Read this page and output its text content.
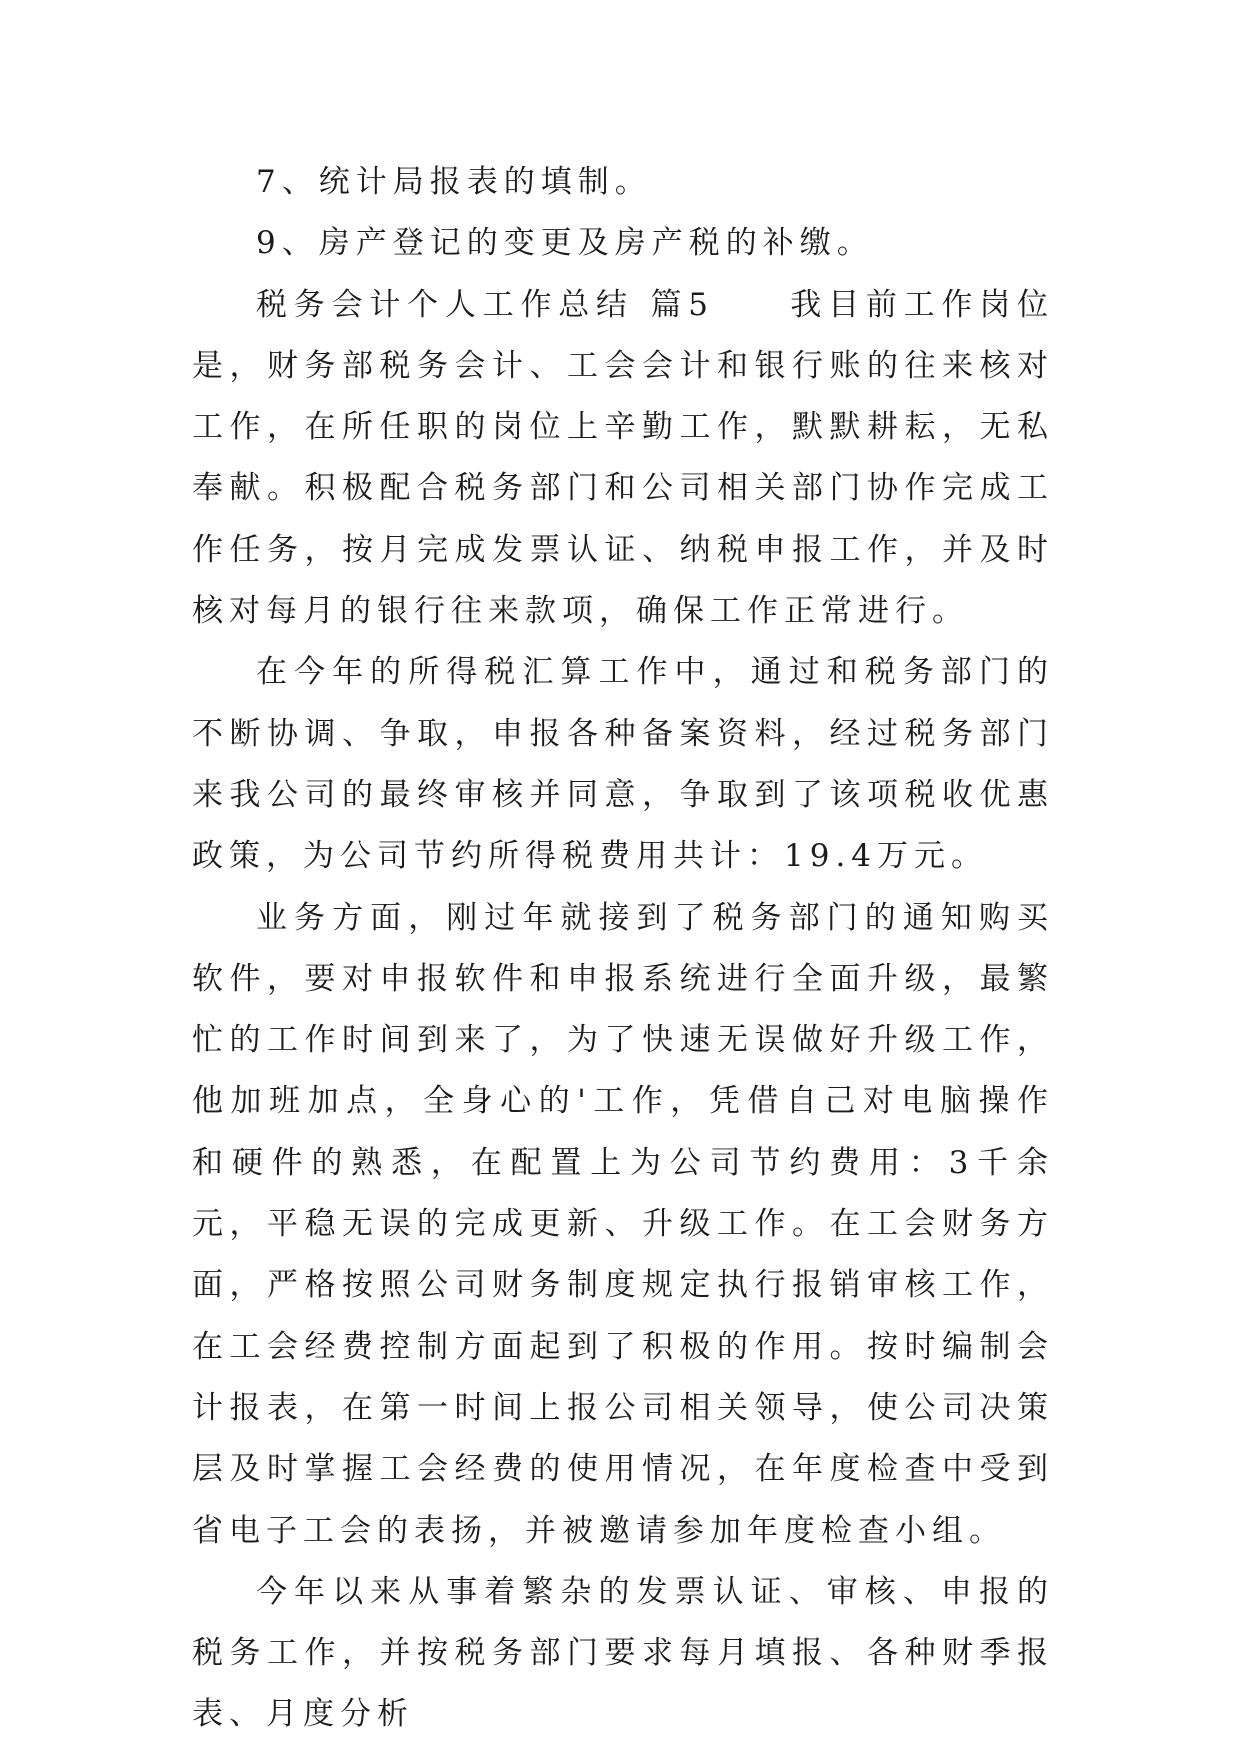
7、统计局报表的填制。

9、房产登记的变更及房产税的补缴。

税务会计个人工作总结 篇5　　我目前工作岗位是，财务部税务会计、工会会计和银行账的往来核对工作，在所任职的岗位上辛勤工作，默默耕耘，无私奉献。积极配合税务部门和公司相关部门协作完成工作任务，按月完成发票认证、纳税申报工作，并及时核对每月的银行往来款项，确保工作正常进行。

在今年的所得税汇算工作中，通过和税务部门的不断协调、争取，申报各种备案资料，经过税务部门来我公司的最终审核并同意，争取到了该项税收优惠政策，为公司节约所得税费用共计：19.4万元。

业务方面，刚过年就接到了税务部门的通知购买软件，要对申报软件和申报系统进行全面升级，最繁忙的工作时间到来了，为了快速无误做好升级工作，他加班加点，全身心的'工作，凭借自己对电脑操作和硬件的熟悉，在配置上为公司节约费用：3千余元，平稳无误的完成更新、升级工作。在工会财务方面，严格按照公司财务制度规定执行报销审核工作，在工会经费控制方面起到了积极的作用。按时编制会计报表，在第一时间上报公司相关领导，使公司决策层及时掌握工会经费的使用情况，在年度检查中受到省电子工会的表扬，并被邀请参加年度检查小组。

今年以来从事着繁杂的发票认证、审核、申报的税务工作，并按税务部门要求每月填报、各种财季报表、月度分析
